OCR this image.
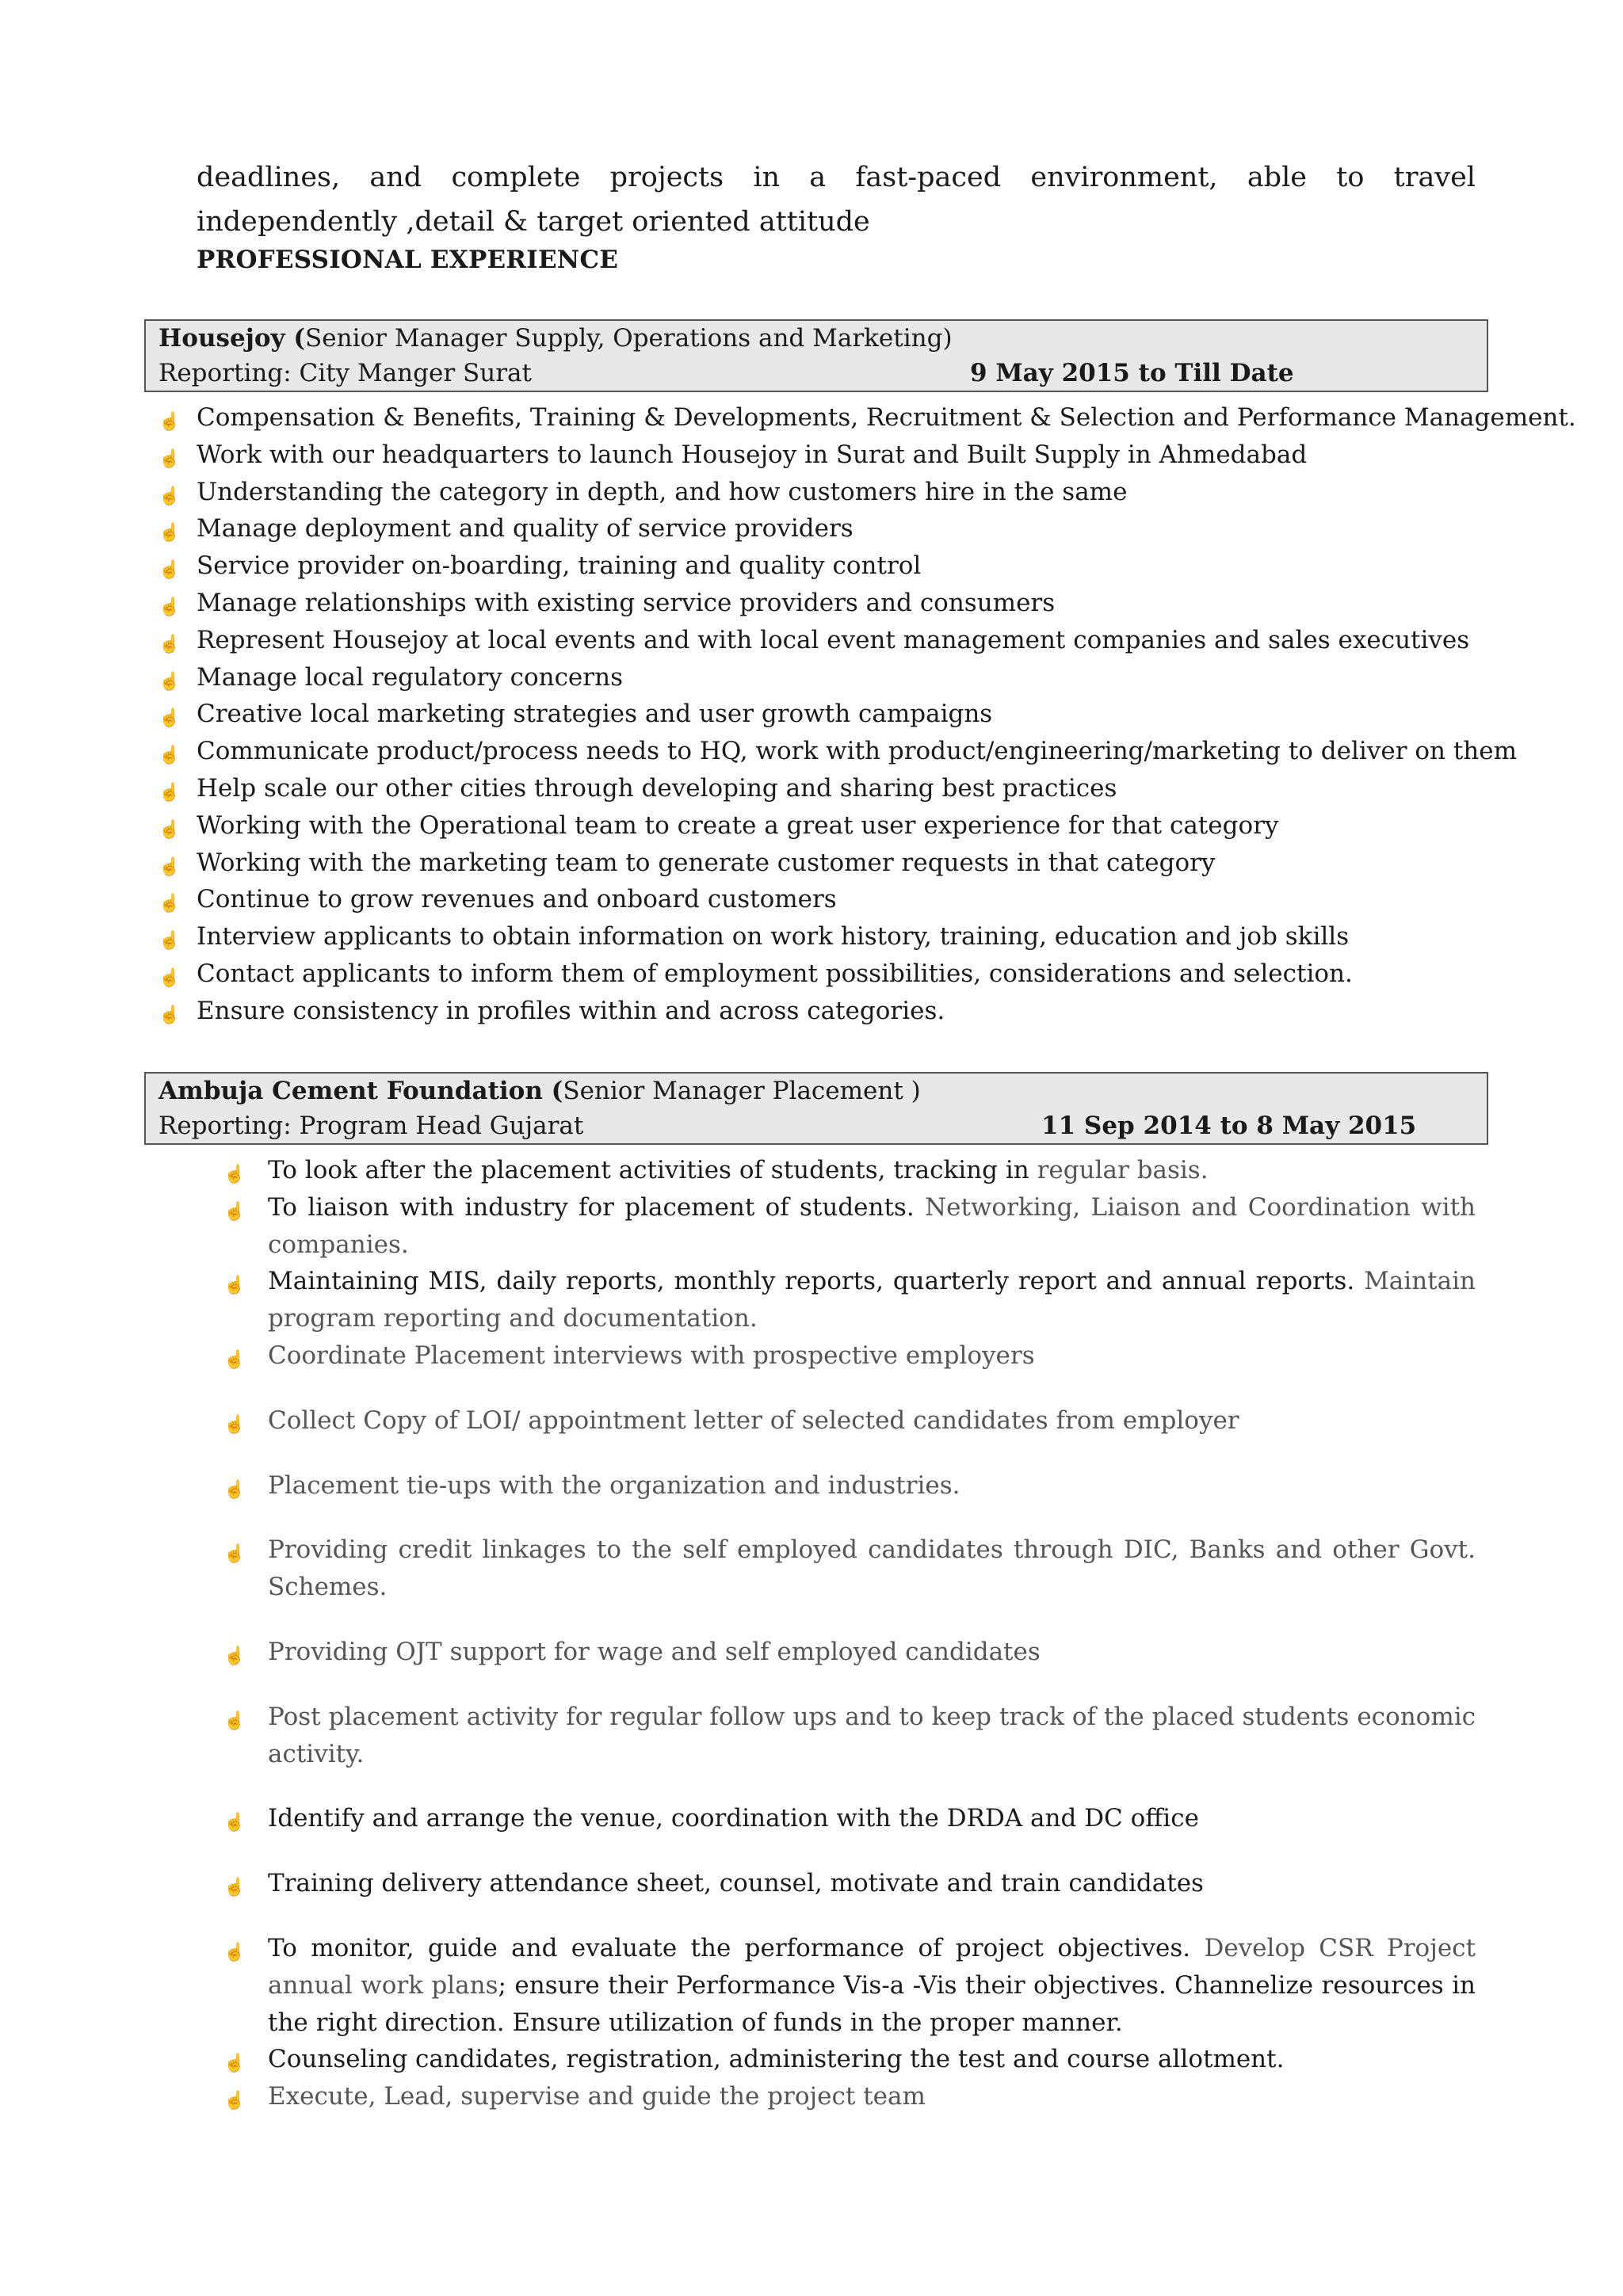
deadlines, and complete projects in a fast-paced environment, able to travel
independently ,detail & target oriented attitude
PROFESSIONAL EXPERIENCE
Housejoy (Senior Manager Supply, Operations and Marketing)
Reporting: City Manger Surat	9 May 2015 to Till Date
☝ Compensation & Benefits, Training & Developments, Recruitment & Selection and Performance Management.
☝ Work with our headquarters to launch Housejoy in Surat and Built Supply in Ahmedabad
☝ Understanding the category in depth, and how customers hire in the same
☝ Manage deployment and quality of service providers
☝ Service provider on-boarding, training and quality control
☝ Manage relationships with existing service providers and consumers
☝ Represent Housejoy at local events and with local event management companies and sales executives
☝ Manage local regulatory concerns
☝ Creative local marketing strategies and user growth campaigns
☝ Communicate product/process needs to HQ, work with product/engineering/marketing to deliver on them
☝ Help scale our other cities through developing and sharing best practices
☝ Working with the Operational team to create a great user experience for that category
☝ Working with the marketing team to generate customer requests in that category
☝ Continue to grow revenues and onboard customers
☝ Interview applicants to obtain information on work history, training, education and job skills
☝ Contact applicants to inform them of employment possibilities, considerations and selection.
☝ Ensure consistency in profiles within and across categories.
Ambuja Cement Foundation (Senior Manager Placement )
Reporting: Program Head Gujarat	11 Sep 2014 to 8 May 2015
☝ To look after the placement activities of students, tracking in regular basis.
☝ To liaison with industry for placement of students. Networking, Liaison and Coordination with companies.
☝ Maintaining MIS, daily reports, monthly reports, quarterly report and annual reports. Maintain program reporting and documentation.
☝ Coordinate Placement interviews with prospective employers
☝ Collect Copy of LOI/ appointment letter of selected candidates from employer
☝ Placement tie-ups with the organization and industries.
☝ Providing credit linkages to the self employed candidates through DIC, Banks and other Govt. Schemes.
☝ Providing OJT support for wage and self employed candidates
☝ Post placement activity for regular follow ups and to keep track of the placed students economic activity.
☝ Identify and arrange the venue, coordination with the DRDA and DC office
☝ Training delivery attendance sheet, counsel, motivate and train candidates
☝ To monitor, guide and evaluate the performance of project objectives. Develop CSR Project annual work plans; ensure their Performance Vis-a -Vis their objectives. Channelize resources in the right direction. Ensure utilization of funds in the proper manner.
☝ Counseling candidates, registration, administering the test and course allotment.
☝ Execute, Lead, supervise and guide the project team
